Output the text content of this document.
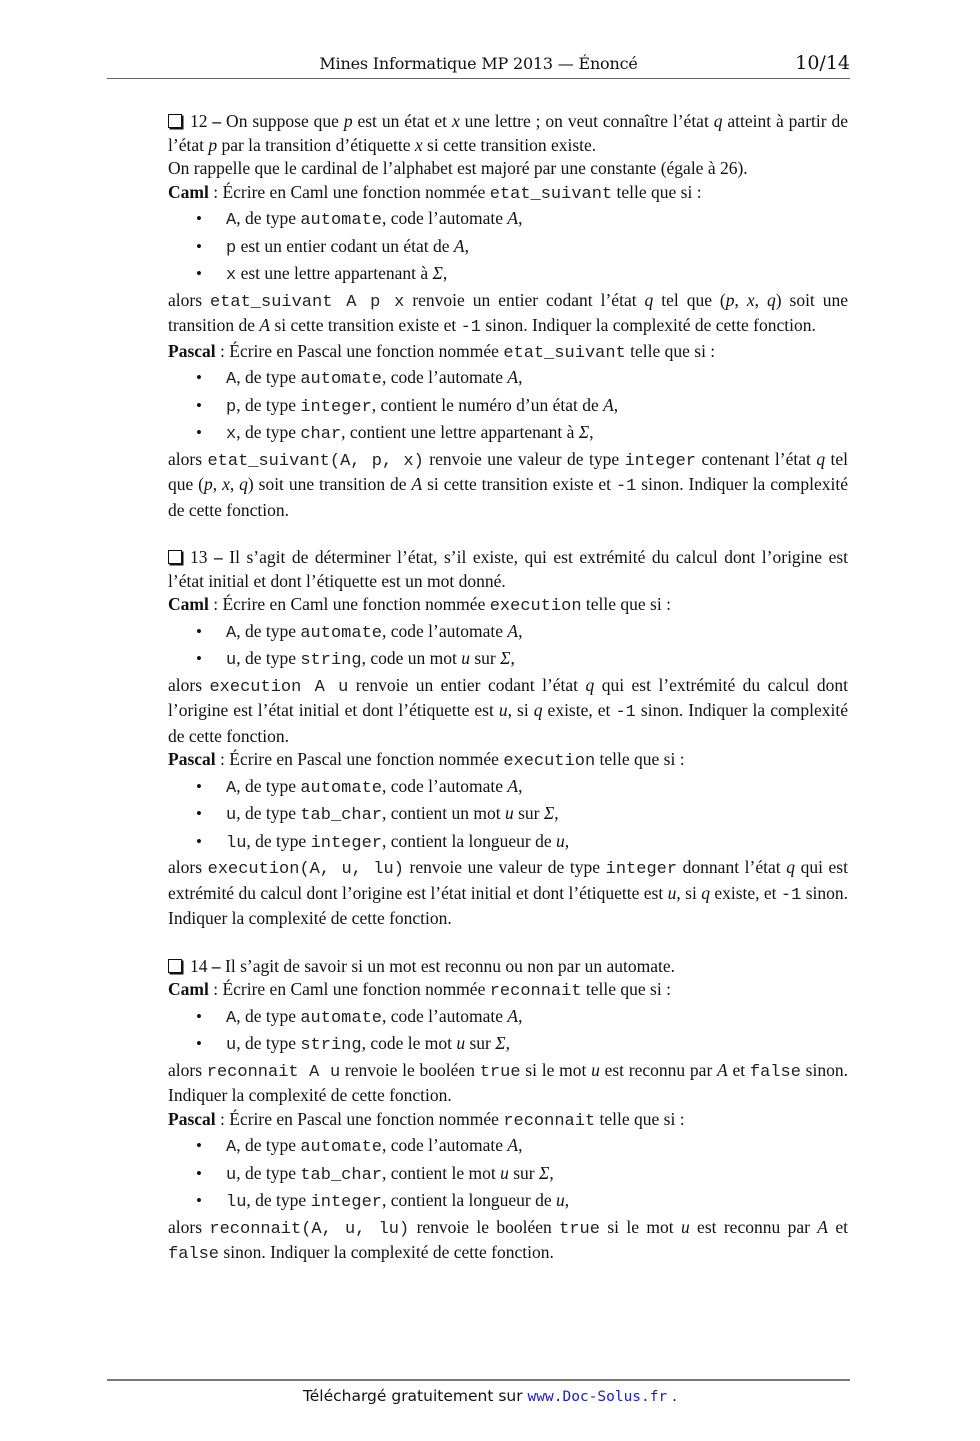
Mines Informatique MP 2013 — Énoncé	10/14

12 – On suppose que p est un état et x une lettre ; on veut connaître l’état q atteint à partir de l’état p par la transition d’étiquette x si cette transition existe.

On rappelle que le cardinal de l’alphabet est majoré par une constante (égale à 26).

Caml : Écrire en Caml une fonction nommée etat_suivant telle que si :

• A, de type automate, code l’automate A,
• p est un entier codant un état de A,
• x est une lettre appartenant à Σ,

alors etat_suivant A p x renvoie un entier codant l’état q tel que (p, x, q) soit une transition de A si cette transition existe et -1 sinon. Indiquer la complexité de cette fonction.

Pascal : Écrire en Pascal une fonction nommée etat_suivant telle que si :

• A, de type automate, code l’automate A,
• p, de type integer, contient le numéro d’un état de A,
• x, de type char, contient une lettre appartenant à Σ,

alors etat_suivant(A, p, x) renvoie une valeur de type integer contenant l’état q tel que (p, x, q) soit une transition de A si cette transition existe et -1 sinon. Indiquer la complexité de cette fonction.

13 – Il s’agit de déterminer l’état, s’il existe, qui est extrémité du calcul dont l’origine est l’état initial et dont l’étiquette est un mot donné.

Caml : Écrire en Caml une fonction nommée execution telle que si :

• A, de type automate, code l’automate A,
• u, de type string, code un mot u sur Σ,

alors execution A u renvoie un entier codant l’état q qui est l’extrémité du calcul dont l’origine est l’état initial et dont l’étiquette est u, si q existe, et -1 sinon. Indiquer la complexité de cette fonction.

Pascal : Écrire en Pascal une fonction nommée execution telle que si :

• A, de type automate, code l’automate A,
• u, de type tab_char, contient un mot u sur Σ,
• lu, de type integer, contient la longueur de u,

alors execution(A, u, lu) renvoie une valeur de type integer donnant l’état q qui est extrémité du calcul dont l’origine est l’état initial et dont l’étiquette est u, si q existe, et -1 sinon. Indiquer la complexité de cette fonction.

14 – Il s’agit de savoir si un mot est reconnu ou non par un automate.

Caml : Écrire en Caml une fonction nommée reconnait telle que si :

• A, de type automate, code l’automate A,
• u, de type string, code le mot u sur Σ,

alors reconnait A u renvoie le booléen true si le mot u est reconnu par A et false sinon. Indiquer la complexité de cette fonction.

Pascal : Écrire en Pascal une fonction nommée reconnait telle que si :

• A, de type automate, code l’automate A,
• u, de type tab_char, contient le mot u sur Σ,
• lu, de type integer, contient la longueur de u,

alors reconnait(A, u, lu) renvoie le booléen true si le mot u est reconnu par A et false sinon. Indiquer la complexité de cette fonction.

Téléchargé gratuitement sur www.Doc-Solus.fr .
